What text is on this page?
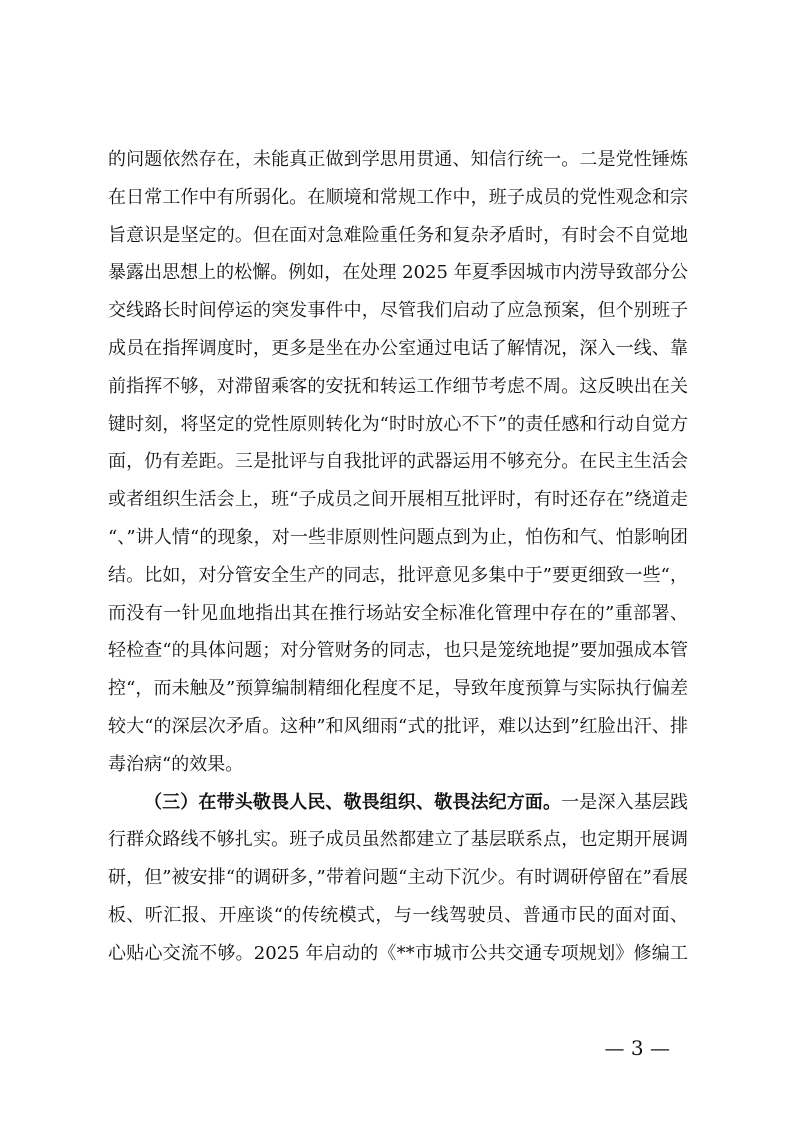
的问题依然存在，未能真正做到学思用贯通、知信行统一。二是党性锤炼
在日常工作中有所弱化。在顺境和常规工作中，班子成员的党性观念和宗
旨意识是坚定的。但在面对急难险重任务和复杂矛盾时，有时会不自觉地
暴露出思想上的松懈。例如，在处理 2025 年夏季因城市内涝导致部分公
交线路长时间停运的突发事件中，尽管我们启动了应急预案，但个别班子
成员在指挥调度时，更多是坐在办公室通过电话了解情况，深入一线、靠
前指挥不够，对滞留乘客的安抚和转运工作细节考虑不周。这反映出在关
键时刻，将坚定的党性原则转化为“时时放心不下”的责任感和行动自觉方
面，仍有差距。三是批评与自我批评的武器运用不够充分。在民主生活会
或者组织生活会上，班“子成员之间开展相互批评时，有时还存在”绕道走
“、”讲人情“的现象，对一些非原则性问题点到为止，怕伤和气、怕影响团
结。比如，对分管安全生产的同志，批评意见多集中于”要更细致一些“，
而没有一针见血地指出其在推行场站安全标准化管理中存在的”重部署、
轻检查“的具体问题；对分管财务的同志，也只是笼统地提”要加强成本管
控“，而未触及”预算编制精细化程度不足，导致年度预算与实际执行偏差
较大“的深层次矛盾。这种”和风细雨“式的批评，难以达到”红脸出汗、排
毒治病“的效果。
（三）在带头敬畏人民、敬畏组织、敬畏法纪方面。一是深入基层践
行群众路线不够扎实。班子成员虽然都建立了基层联系点，也定期开展调
研，但”被安排“的调研多，”带着问题“主动下沉少。有时调研停留在”看展
板、听汇报、开座谈“的传统模式，与一线驾驶员、普通市民的面对面、
心贴心交流不够。2025 年启动的《**市城市公共交通专项规划》修编工
— 3 —
